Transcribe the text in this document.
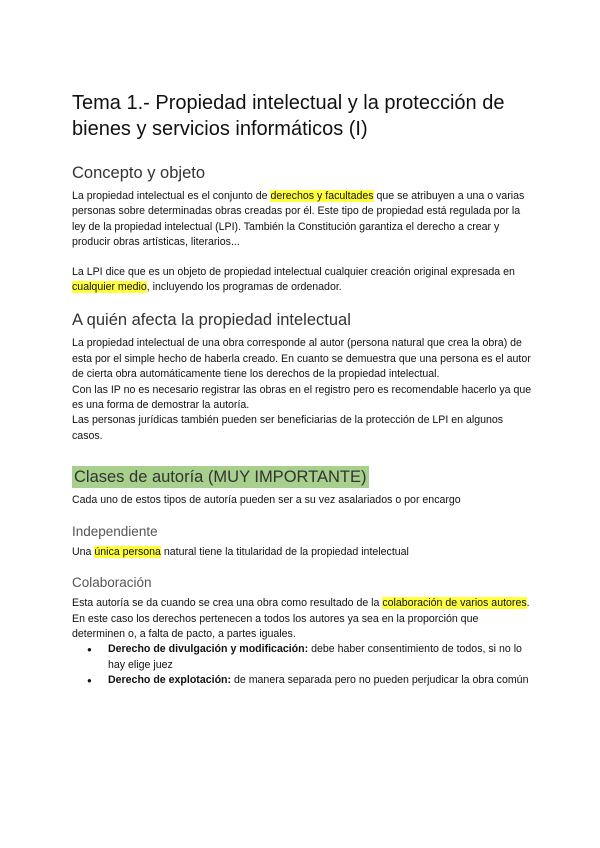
Tema 1.- Propiedad intelectual y la protección de bienes y servicios informáticos (I)
Concepto y objeto

La propiedad intelectual es el conjunto de derechos y facultades que se atribuyen a una o varias personas sobre determinadas obras creadas por él. Este tipo de propiedad está regulada por la ley de la propiedad intelectual (LPI). También la Constitución garantiza el derecho a crear y producir obras artísticas, literarios...

La LPI dice que es un objeto de propiedad intelectual cualquier creación original expresada en cualquier medio, incluyendo los programas de ordenador.

A quién afecta la propiedad intelectual

La propiedad intelectual de una obra corresponde al autor (persona natural que crea la obra) de esta por el simple hecho de haberla creado. En cuanto se demuestra que una persona es el autor de cierta obra automáticamente tiene los derechos de la propiedad intelectual.

Con las IP no es necesario registrar las obras en el registro pero es recomendable hacerlo ya que es una forma de demostrar la autoría.

Las personas jurídicas también pueden ser beneficiarias de la protección de LPI en algunos casos.

Clases de autoría (MUY IMPORTANTE)

Cada uno de estos tipos de autoría pueden ser a su vez asalariados o por encargo

Independiente

Una única persona natural tiene la titularidad de la propiedad intelectual

Colaboración

Esta autoría se da cuando se crea una obra como resultado de la colaboración de varios autores.

En este caso los derechos pertenecen a todos los autores ya sea en la proporción que determinen o, a falta de pacto, a partes iguales.

● Derecho de divulgación y modificación: debe haber consentimiento de todos, si no lo hay elige juez
● Derecho de explotación: de manera separada pero no pueden perjudicar la obra común
